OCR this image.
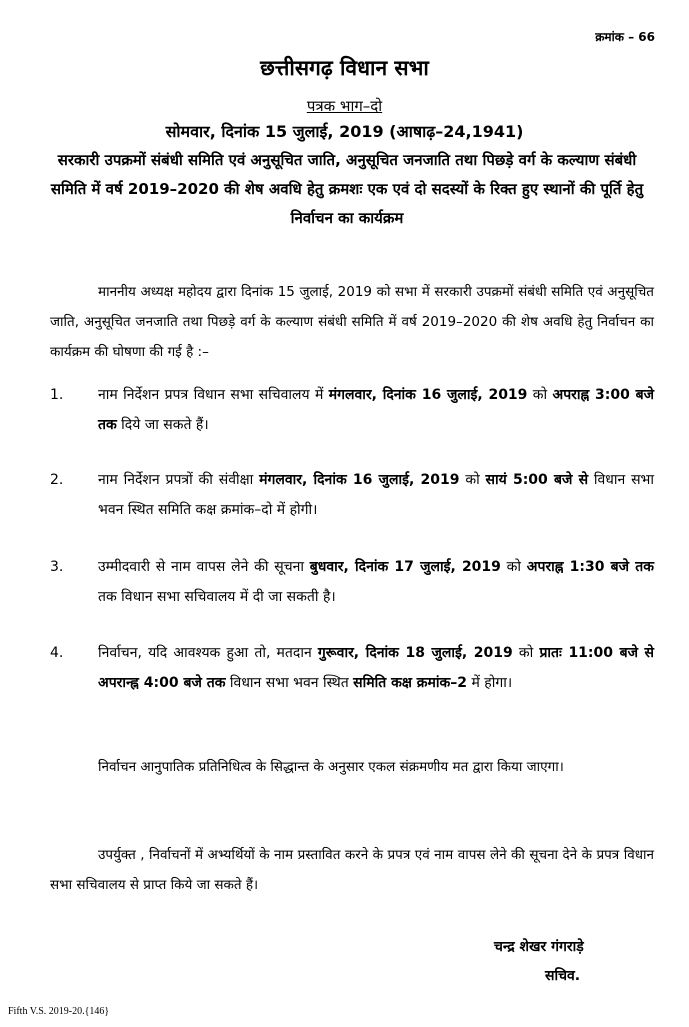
क्रमांक – 66
छत्तीसगढ़ विधान सभा
पत्रक भाग–दो
सोमवार, दिनांक 15 जुलाई, 2019 (आषाढ़–24,1941)
सरकारी उपक्रमों संबंधी समिति एवं अनुसूचित जाति, अनुसूचित जनजाति तथा पिछड़े वर्ग के कल्याण संबंधी समिति में वर्ष 2019–2020 की शेष अवधि हेतु क्रमशः एक एवं दो सदस्यों के रिक्त हुए स्थानों की पूर्ति हेतु निर्वाचन का कार्यक्रम
माननीय अध्यक्ष महोदय द्वारा दिनांक 15 जुलाई, 2019 को सभा में सरकारी उपक्रमों संबंधी समिति एवं अनुसूचित जाति, अनुसूचित जनजाति तथा पिछड़े वर्ग के कल्याण संबंधी समिति में वर्ष 2019–2020 की शेष अवधि हेतु निर्वाचन का कार्यक्रम की घोषणा की गई है :–
1.	नाम निर्देशन प्रपत्र विधान सभा सचिवालय में मंगलवार, दिनांक 16 जुलाई, 2019 को अपराह्न 3:00 बजे तक दिये जा सकते हैं।
2.	नाम निर्देशन प्रपत्रों की संवीक्षा मंगलवार, दिनांक 16 जुलाई, 2019 को सायं 5:00 बजे से विधान सभा भवन स्थित समिति कक्ष क्रमांक–दो में होगी।
3.	उम्मीदवारी से नाम वापस लेने की सूचना बुधवार, दिनांक 17 जुलाई, 2019 को अपराह्न 1:30 बजे तक तक विधान सभा सचिवालय में दी जा सकती है।
4.	निर्वाचन, यदि आवश्यक हुआ तो, मतदान गुरूवार, दिनांक 18 जुलाई, 2019 को प्रातः 11:00 बजे से अपरान्ह्न 4:00 बजे तक विधान सभा भवन स्थित समिति कक्ष क्रमांक–2 में होगा।
निर्वाचन आनुपातिक प्रतिनिधित्व के सिद्धान्त के अनुसार एकल संक्रमणीय मत द्वारा किया जाएगा।
उपर्युक्त , निर्वाचनों में अभ्यर्थियों के नाम प्रस्तावित करने के प्रपत्र एवं नाम वापस लेने की सूचना देने के प्रपत्र विधान सभा सचिवालय से प्राप्त किये जा सकते हैं।
चन्द्र शेखर गंगराड़े
सचिव.
Fifth V.S. 2019-20.{146}
